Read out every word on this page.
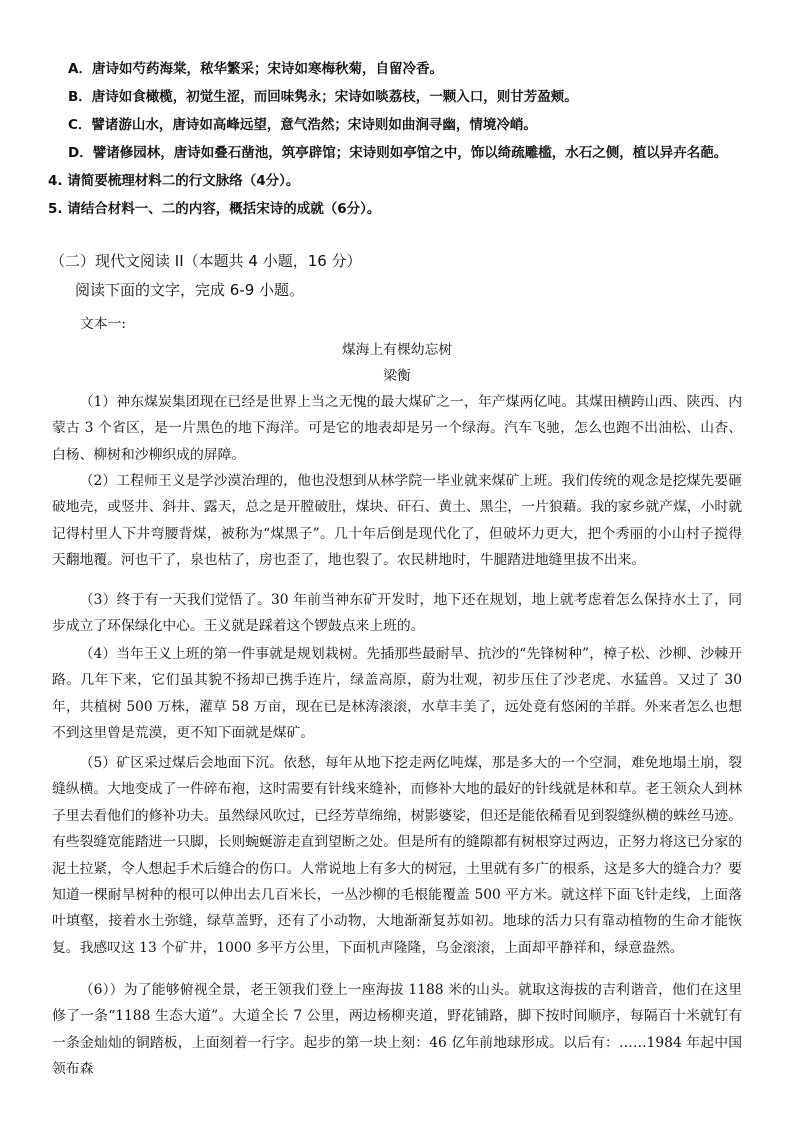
A．唐诗如芍药海棠，秾华繁采；宋诗如寒梅秋菊，自留冷香。
B．唐诗如食橄榄，初觉生涩，而回味隽永；宋诗如啖荔枝，一颗入口，则甘芳盈颊。
C．譬诸游山水，唐诗如高峰远望，意气浩然；宋诗则如曲涧寻幽，情境冷峭。
D．譬诸修园林，唐诗如叠石凿池，筑亭辟馆；宋诗则如亭馆之中，饰以绮疏雕槛，水石之侧，植以异卉名葩。
4. 请简要梳理材料二的行文脉络（4分）。
5. 请结合材料一、二的内容，概括宋诗的成就（6分）。
（二）现代文阅读 II（本题共 4 小题，16 分）
阅读下面的文字，完成 6-9 小题。
文本一:
煤海上有棵幼忘树
梁衡

（1）神东煤炭集团现在已经是世界上当之无愧的最大煤矿之一，年产煤两亿吨。其煤田横跨山西、陕西、内蒙古 3 个省区，是一片黑色的地下海洋。可是它的地表却是另一个绿海。汽车飞驰，怎么也跑不出油松、山杏、白杨、柳树和沙柳织成的屏障。

（2）工程师王义是学沙漠治理的，他也没想到从林学院一毕业就来煤矿上班。我们传统的观念是挖煤先要砸破地壳，或竖井、斜井、露天，总之是开膛破肚，煤块、矸石、黄土、黑尘，一片狼藉。我的家乡就产煤，小时就记得村里人下井弯腰背煤，被称为“煤黑子”。几十年后倒是现代化了，但破坏力更大，把个秀丽的小山村子搅得天翻地覆。河也干了，泉也枯了，房也歪了，地也裂了。农民耕地时，牛腿踏进地缝里拔不出来。

（3）终于有一天我们觉悟了。30 年前当神东矿开发时，地下还在规划，地上就考虑着怎么保持水土了，同步成立了环保绿化中心。王义就是踩着这个锣鼓点来上班的。

（4）当年王义上班的第一件事就是规划栽树。先插那些最耐旱、抗沙的“先锋树种”，樟子松、沙柳、沙棘开路。几年下来，它们虽其貌不扬却已携手连片，绿盖高原，蔚为壮观，初步压住了沙老虎、水猛兽。又过了 30 年，共植树 500 万株，灌草 58 万亩，现在已是林涛滚滚，水草丰美了，远处竟有悠闲的羊群。外来者怎么也想不到这里曾是荒漠，更不知下面就是煤矿。

（5）矿区采过煤后会地面下沉。依愁，每年从地下挖走两亿吨煤，那是多大的一个空洞，难免地塌土崩，裂缝纵横。大地变成了一件碎布袍，这时需要有针线来缝补，而修补大地的最好的针线就是林和草。老王领众人到林子里去看他们的修补功夫。虽然绿风吹过，已经芳草绵绵，树影婆娑，但还是能依稀看见到裂缝纵横的蛛丝马迹。有些裂缝宽能踏进一只脚，长则蜿蜒游走直到望断之处。但是所有的缝隙都有树根穿过两边，正努力将这已分家的泥土拉紧，令人想起手术后缝合的伤口。人常说地上有多大的树冠，土里就有多广的根系，这是多大的缝合力？要知道一棵耐旱树种的根可以伸出去几百米长，一丛沙柳的毛根能覆盖 500 平方米。就这样下面飞针走线，上面落叶填壑，接着水土弥缝，绿草盖野，还有了小动物，大地渐渐复苏如初。地球的活力只有靠动植物的生命才能恢复。我感叹这 13 个矿井，1000 多平方公里，下面机声隆隆，乌金滚滚，上面却平静祥和，绿意盎然。

（6））为了能够俯视全景，老王领我们登上一座海拔 1188 米的山头。就取这海拔的吉利谐音，他们在这里修了一条“1188 生态大道”。大道全长 7 公里，两边杨柳夹道，野花铺路，脚下按时间顺序，每隔百十米就钉有一条金灿灿的铜踏板，上面刻着一行字。起步的第一块上刻：46 亿年前地球形成。以后有：……1984 年起中国领布森
